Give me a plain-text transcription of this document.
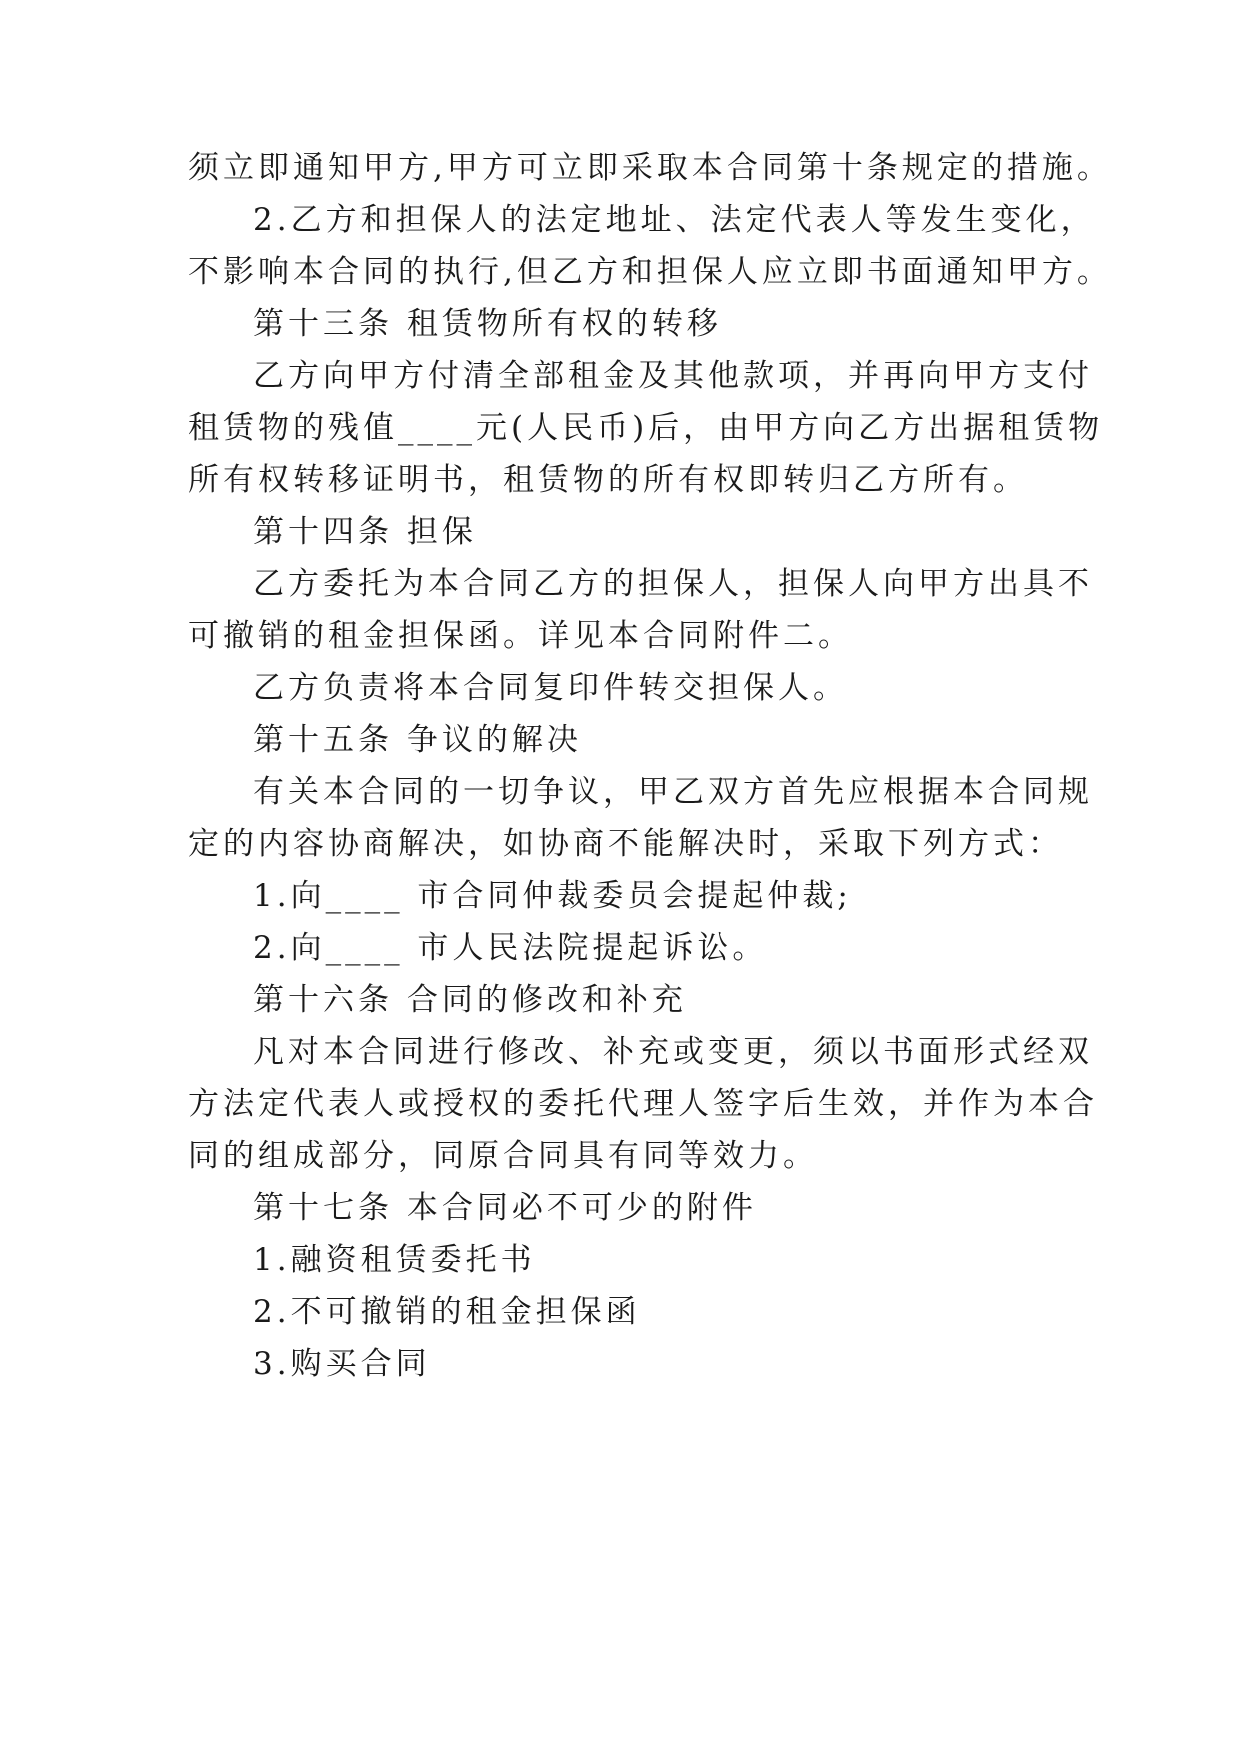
须立即通知甲方,甲方可立即采取本合同第十条规定的措施。
2.乙方和担保人的法定地址、法定代表人等发生变化，
不影响本合同的执行,但乙方和担保人应立即书面通知甲方。
第十三条 租赁物所有权的转移
乙方向甲方付清全部租金及其他款项，并再向甲方支付
租赁物的残值____元(人民币)后，由甲方向乙方出据租赁物
所有权转移证明书，租赁物的所有权即转归乙方所有。
第十四条 担保
乙方委托为本合同乙方的担保人，担保人向甲方出具不
可撤销的租金担保函。详见本合同附件二。
乙方负责将本合同复印件转交担保人。
第十五条 争议的解决
有关本合同的一切争议，甲乙双方首先应根据本合同规
定的内容协商解决，如协商不能解决时，采取下列方式：
1.向____ 市合同仲裁委员会提起仲裁;
2.向____ 市人民法院提起诉讼。
第十六条 合同的修改和补充
凡对本合同进行修改、补充或变更，须以书面形式经双
方法定代表人或授权的委托代理人签字后生效，并作为本合
同的组成部分，同原合同具有同等效力。
第十七条 本合同必不可少的附件
1.融资租赁委托书
2.不可撤销的租金担保函
3.购买合同
